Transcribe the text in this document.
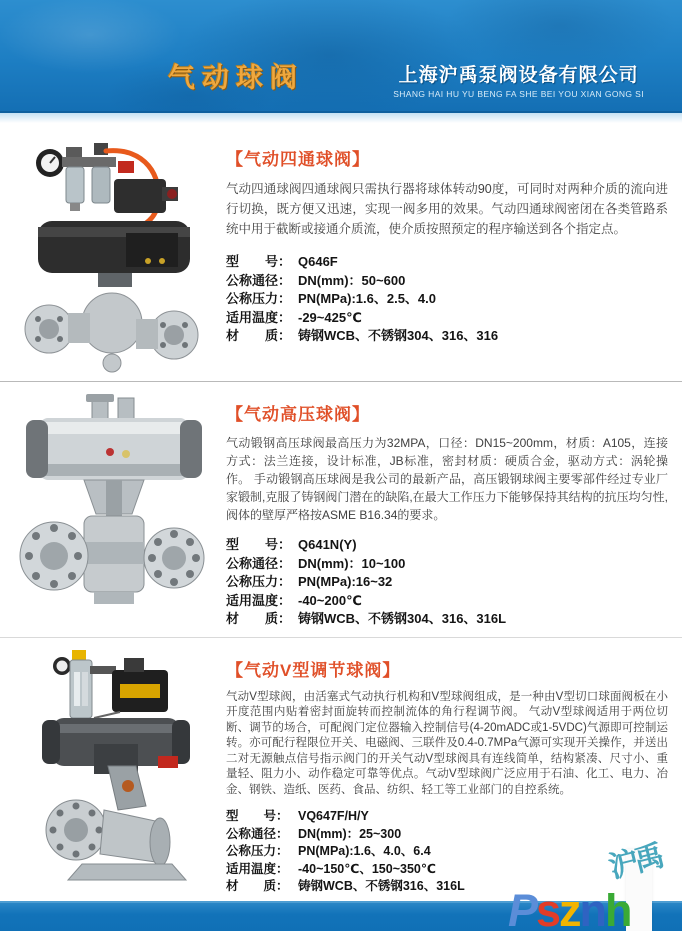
气动球阀	上海沪禹泵阀设备有限公司
SHANG HAI HU YU BENG FA SHE BEI YOU XIAN GONG SI
【气动四通球阀】
气动四通球阀四通球阀只需执行器将球体转动90度，可同时对两种介质的流向进行切换，既方便又迅速，实现一阀多用的效果。气动四通球阀密闭在各类管路系统中用于截断或接通介质流，使介质按照预定的程序输送到各个指定点。
型　　号： Q646F
公称通径： DN(mm)：50~600
公称压力： PN(MPa):1.6、2.5、4.0
适用温度： -29~425℃
材　　质： 铸钢WCB、不锈钢304、316、316
【气动高压球阀】
气动锻钢高压球阀最高压力为32MPA，口径：DN15~200mm，材质：A105，连接方式：法兰连接，设计标准，JB标准，密封材质：硬质合金，驱动方式：涡轮操作。 手动锻钢高压球阀是我公司的最新产品，高压锻钢球阀主要零部件经过专业厂家锻制,克服了铸钢阀门潜在的缺陷,在最大工作压力下能够保持其结构的抗压均匀性,阀体的壁厚严格按ASME B16.34的要求。
型　　号： Q641N(Y)
公称通径： DN(mm)：10~100
公称压力： PN(MPa):16~32
适用温度： -40~200℃
材　　质： 铸钢WCB、不锈钢304、316、316L
【气动V型调节球阀】
气动V型球阀，由活塞式气动执行机构和V型球阀组成，是一种由V型切口球面阀板在小开度范围内贴着密封面旋转而控制流体的角行程调节阀。 气动V型球阀适用于两位切断、调节的场合，可配阀门定位器输入控制信号(4-20mADC或1-5VDC)气源即可控制运转。亦可配行程限位开关、电磁阀、三联件及0.4-0.7MPa气源可实现开关操作，并送出二对无源触点信号指示阀门的开关气动V型球阀具有连线简单，结构紧凑、尺寸小、重量轻、阻力小、动作稳定可靠等优点。气动V型球阀广泛应用于石油、化工、电力、冶金、钢铁、造纸、医药、食品、纺织、轻工等工业部门的自控系统。
型　　号： VQ647F/H/Y
公称通径： DN(mm)：25~300
公称压力： PN(MPa):1.6、4.0、6.4
适用温度： -40~150℃、150~350℃
材　　质： 铸钢WCB、不锈钢316、316L
沪禹
Psznh
